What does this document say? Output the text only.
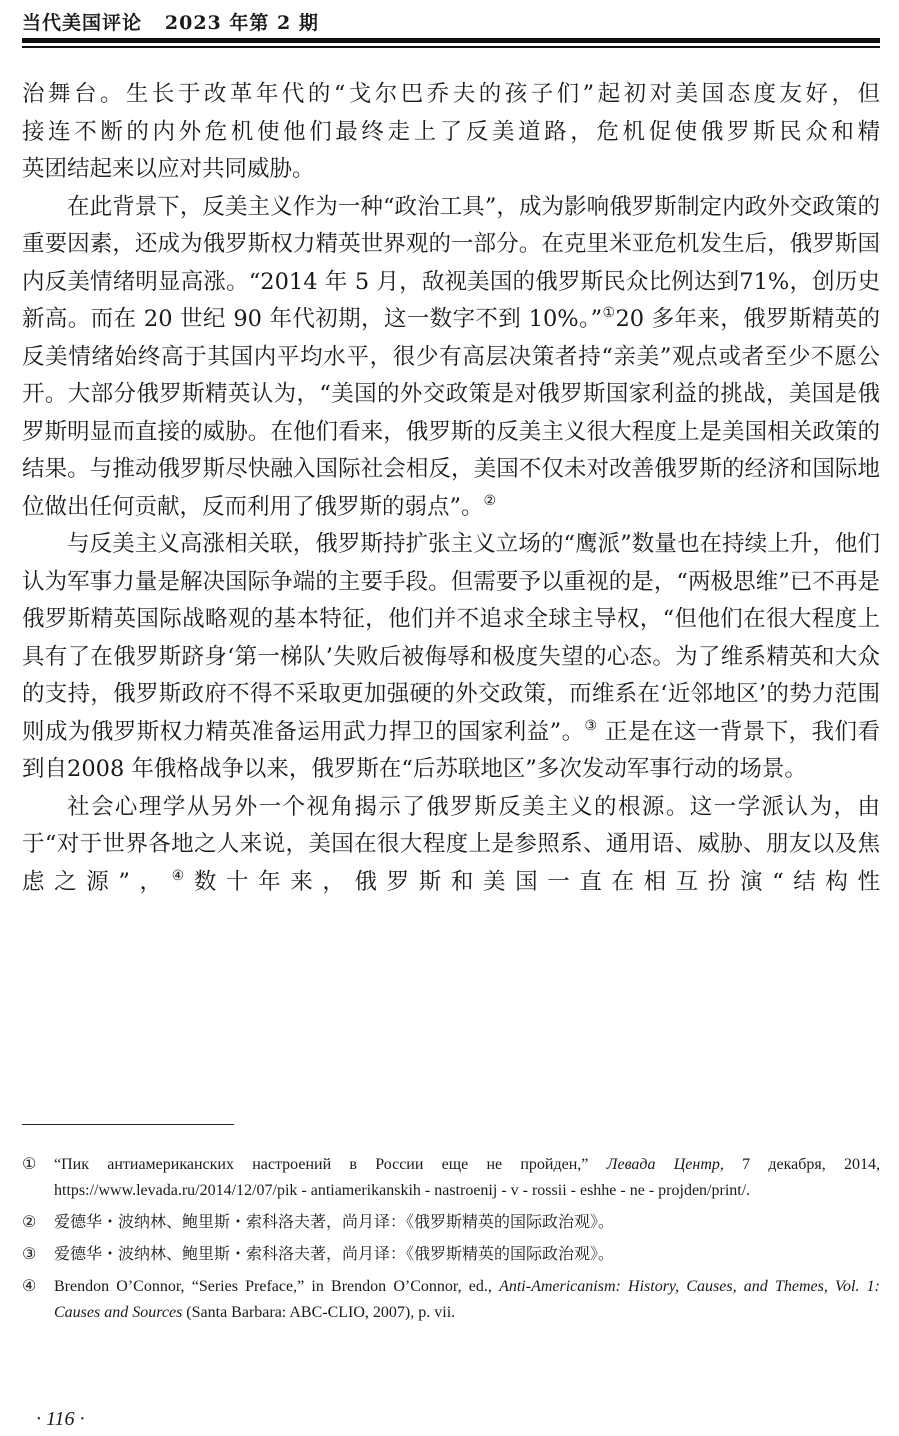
当代美国评论 2023 年第 2 期

治舞台。生长于改革年代的“戈尔巴乔夫的孩子们”起初对美国态度友好，但

接连不断的内外危机使他们最终走上了反美道路，危机促使俄罗斯民众和精

英团结起来以应对共同威胁。

在此背景下，反美主义作为一种“政治工具”，成为影响俄罗斯制定内政外交政策的重要因素，还成为俄罗斯权力精英世界观的一部分。在克里米亚危机发生后，俄罗斯国内反美情绪明显高涨。“2014 年 5 月，敌视美国的俄罗斯民众比例达到71%，创历史新高。而在 20 世纪 90 年代初期，这一数字不到 10%。”①20 多年来，俄罗斯精英的反美情绪始终高于其国内平均水平，很少有高层决策者持“亲美”观点或者至少不愿公开。大部分俄罗斯精英认为，“美国的外交政策是对俄罗斯国家利益的挑战，美国是俄罗斯明显而直接的威胁。在他们看来，俄罗斯的反美主义很大程度上是美国相关政策的结果。与推动俄罗斯尽快融入国际社会相反，美国不仅未对改善俄罗斯的经济和国际地位做出任何贡献，反而利用了俄罗斯的弱点”。②

与反美主义高涨相关联，俄罗斯持扩张主义立场的“鹰派”数量也在持续上升，他们认为军事力量是解决国际争端的主要手段。但需要予以重视的是，“两极思维”已不再是俄罗斯精英国际战略观的基本特征，他们并不追求全球主导权，“但他们在很大程度上具有了在俄罗斯跻身‘第一梯队’失败后被侮辱和极度失望的心态。为了维系精英和大众的支持，俄罗斯政府不得不采取更加强硬的外交政策，而维系在‘近邻地区’的势力范围则成为俄罗斯权力精英准备运用武力捍卫的国家利益”。③ 正是在这一背景下，我们看到自2008 年俄格战争以来，俄罗斯在“后苏联地区”多次发动军事行动的场景。

社会心理学从另外一个视角揭示了俄罗斯反美主义的根源。这一学派认为，由于“对于世界各地之人来说，美国在很大程度上是参照系、通用语、威胁、朋友以及焦虑之源”，④数十年来，俄罗斯和美国一直在相互扮演“结构性

①	“Пик антиамериканских настроений в России еще не пройден,” Левада Центр, 7 декабря, 2014, https://www.levada.ru/2014/12/07/pik - antiamerikanskih - nastroenij - v - rossii - eshhe - ne - projden/print/.
②	爱德华・波纳林、鲍里斯・索科洛夫著，尚月译：《俄罗斯精英的国际政治观》。
③	爱德华・波纳林、鲍里斯・索科洛夫著，尚月译：《俄罗斯精英的国际政治观》。
④	Brendon O’Connor, “Series Preface,” in Brendon O’Connor, ed., Anti-Americanism: History, Causes, and Themes, Vol. 1: Causes and Sources (Santa Barbara: ABC-CLIO, 2007), p. vii.
· 116 ·
